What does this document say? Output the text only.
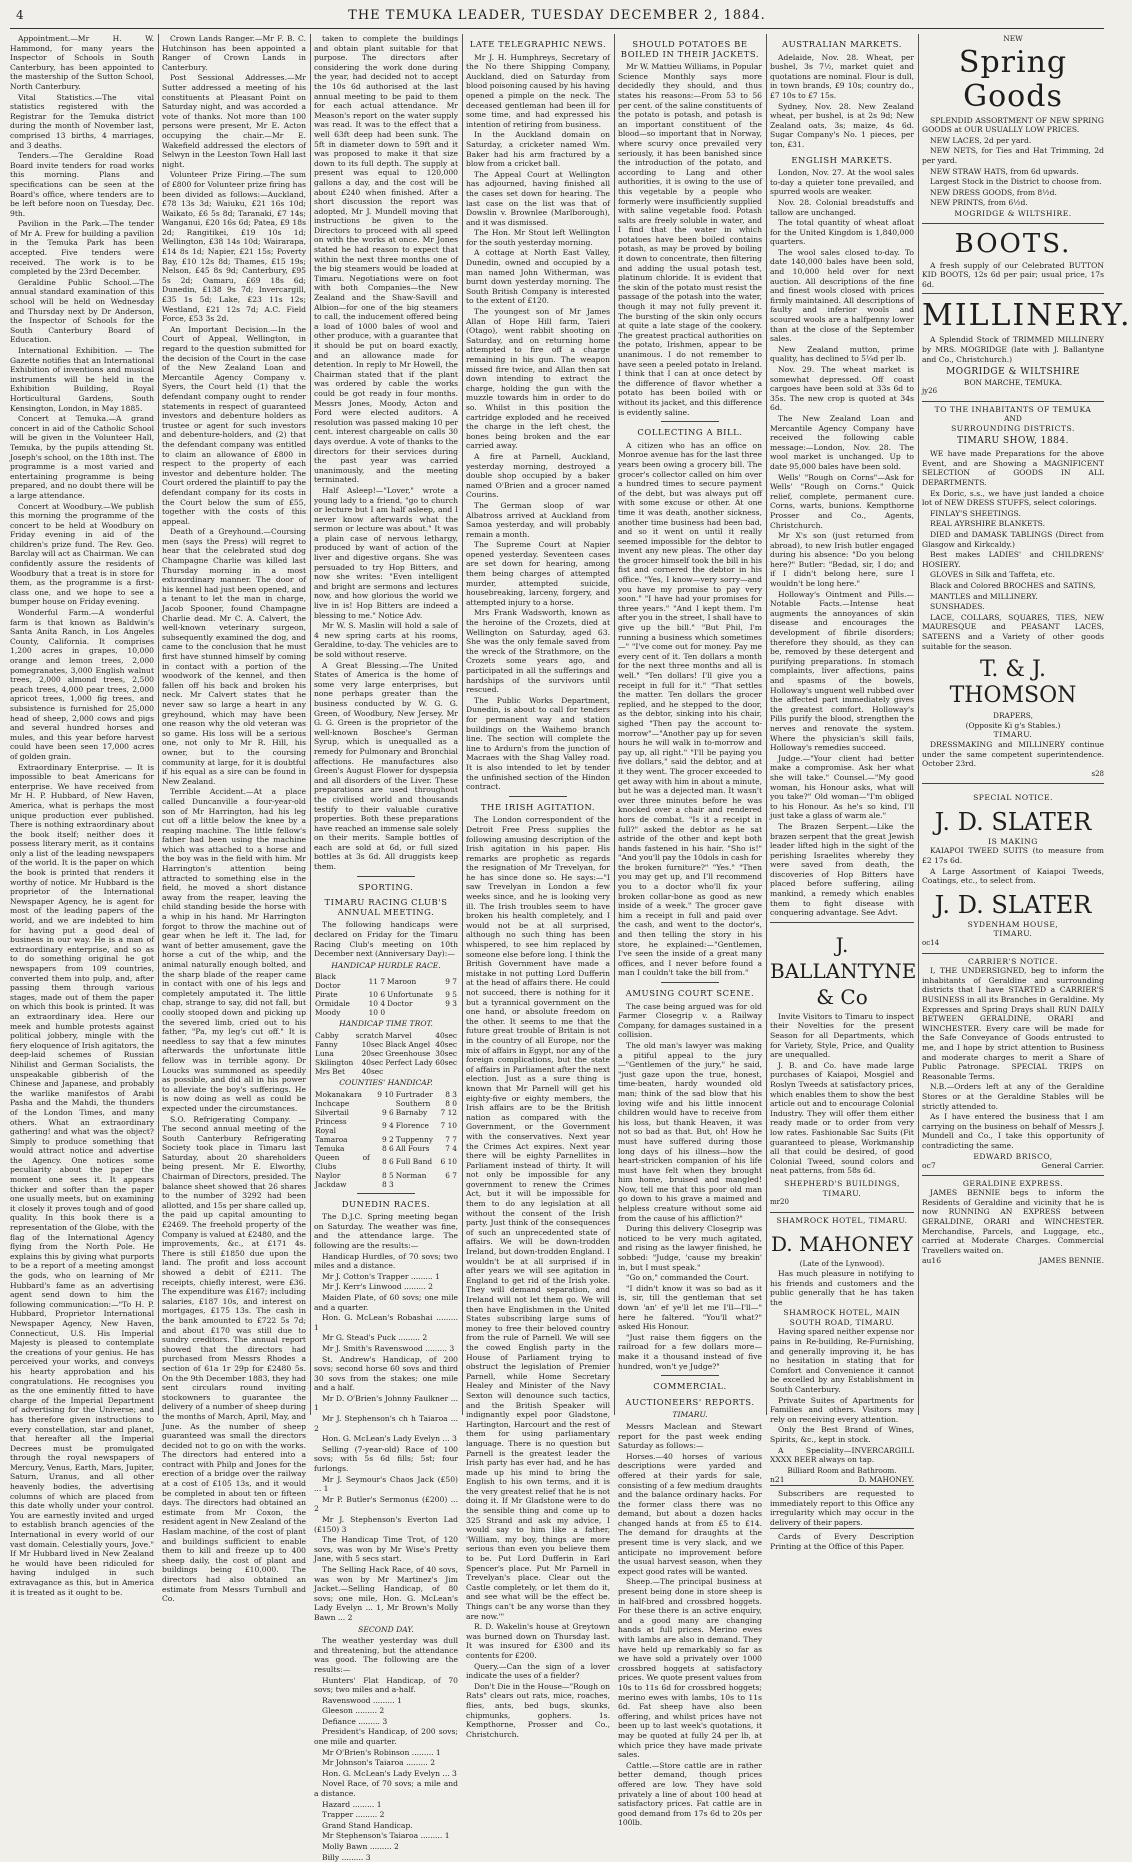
4	THE TEMUKA LEADER, TUESDAY DECEMBER 2, 1884.

Appointment.—Mr H. W. Hammond, for many years the Inspector of Schools in South Canterbury, has been appointed to the mastership of the Sutton School, North Canterbury.

Vital Statistics.—The vital statistics registered with the Registrar for the Temuka district during the month of November last, comprised 13 births, 4 marriages, and 3 deaths.

Tenders.—The Geraldine Road Board invite tenders for road works this morning. Plans and specifications can be seen at the Board's office, where tenders are to be left before noon on Tuesday, Dec. 9th.

Pavilion in the Park.—The tender of Mr A. Frew for building a pavilion in the Temuka Park has been accepted. Five tenders were received. The work is to be completed by the 23rd December.

Geraldine Public School.—The annual standard examination of this school will be held on Wednesday and Thursday next by Dr Anderson, the Inspector of Schools for the South Canterbury Board of Education.

International Exhibition. — The Gazette notifies that an International Exhibition of inventions and musical instruments will be held in the Exhibition Building, Royal Horticultural Gardens, South Kensington, London, in May 1885.

Concert at Temuka.—A grand concert in aid of the Catholic School will be given in the Volunteer Hall, Temuka, by the pupils attending St. Joseph's school, on the 18th inst. The programme is a most varied and entertaining programme is being prepared, and no doubt there will be a large attendance.

Concert at Woodbury.—We publish this morning the programme of the concert to be held at Woodbury on Friday evening in aid of the children's prize fund. The Rev. Geo. Barclay will act as Chairman. We can confidently assure the residents of Woodbury that a treat is in store for them, as the programme is a first-class one, and we hope to see a bumper house on Friday evening.

Wonderful Farm.—A wonderful farm is that known as Baldwin's Santa Anita Ranch, in Los Angeles County, California. It comprises 1,200 acres in grapes, 10,000 orange and lemon trees, 2,000 pomegranates, 3,000 English walnut trees, 2,000 almond trees, 2,500 peach trees, 4,000 pear trees, 2,000 apricot trees, 1,000 fig trees, and subsistence is furnished for 25,000 head of sheep, 2,000 cows and pigs and several hundred horses and mules, and this year before harvest could have been seen 17,000 acres of golden grain.

Extraordinary Enterprise. — It is impossible to beat Americans for enterprise. We have received from Mr H. P. Hubbard, of New Haven, America, what is perhaps the most unique production ever published. There is nothing extraordinary about the book itself; neither does it possess literary merit, as it contains only a list of the leading newspapers of the world. It is the paper on which the book is printed that renders it worthy of notice. Mr Hubbard is the proprietor of the International Newspaper Agency, he is agent for most of the leading papers of the world, and we are indebted to him for having put a good deal of business in our way. He is a man of extraordinary enterprise, and so as to do something original he got newspapers from 109 countries, converted them into pulp, and, after passing them through various stages, made out of them the paper on which this book is printed. It was an extraordinary idea. Here our meek and humble protests against political jobbery, mingle with the fiery eloquence of Irish agitators, the deep-laid schemes of Russian Nihilist and German Socialists, the unspeakable gibberish of the Chinese and Japanese, and probably the warlike manifestos of Arabi Pasha and the Mahdi, the thunders of the London Times, and many others. What an extraordinary gathering! and what was the object? Simply to produce something that would attract notice and advertise the Agency. One notices some peculiarity about the paper the moment one sees it. It appears thicker and softer than the paper one usually meets, but on examining it closely it proves tough and of good quality. In this book there is a representation of the Globe, with the flag of the International Agency flying from the North Pole. He explains this by giving what purports to be a report of a meeting amongst the gods, who on learning of Mr Hubbard's fame as an advertising agent send down to him the following communication:—"To H. P. Hubbard, Proprietor International Newspaper Agency, New Haven, Connecticut, U.S. His Imperial Majesty is pleased to contemplate the creations of your genius. He has perceived your works, and conveys his hearty approbation and his congratulations. He recognises you as the one eminently fitted to have charge of the Imperial Department of advertising for the Universe; and has therefore given instructions to every constellation, star and planet, that hereafter all the Imperial Decrees must be promulgated through the royal newspapers of Mercury, Venus, Earth, Mars, Jupiter, Saturn, Uranus, and all other heavenly bodies, the advertising columns of which are placed from this date wholly under your control. You are earnestly invited and urged to establish branch agencies of the International in every world of our vast domain. Celestially yours, Jove." If Mr Hubbard lived in New Zealand he would have been ridiculed for having indulged in such extravagance as this, but in America it is treated as it ought to be.

Crown Lands Ranger.—Mr F. B. C. Hutchinson has been appointed a Ranger of Crown Lands in Canterbury.

Post Sessional Addresses.—Mr Sutter addressed a meeting of his constituents at Pleasant Point on Saturday night, and was accorded a vote of thanks. Not more than 100 persons were present, Mr E. Acton occupying the chair.—Mr E. Wakefield addressed the electors of Selwyn in the Leeston Town Hall last night.

Volunteer Prize Firing.—The sum of £800 for Volunteer prize firing has been divided as follows:—Auckland, £78 13s 3d; Waiuku, £21 16s 10d; Waikato, £6 5s 8d; Taranaki, £7 14s; Wanganui, £20 16s 6d; Patea, £9 18s 2d; Rangitikei, £19 10s 1d; Wellington, £38 14s 10d; Wairarapa, £14 8s 1d; Napier, £21 15s; Poverty Bay, £10 12s 8d; Thames, £15 19s; Nelson, £45 8s 9d; Canterbury, £95 5s 2d; Oamaru, £69 18s 6d; Dunedin, £138 9s 7d; Invercargill, £35 1s 5d; Lake, £23 11s 12s; Westland, £21 12s 7d; A.C. Field Force, £53 3s 2d.

An Important Decision.—In the Court of Appeal, Wellington, in regard to the question submitted for the decision of the Court in the case of the New Zealand Loan and Mercantile Agency Company v. Syers, the Court held (1) that the defendant company ought to render statements in respect of guaranteed investors and debenture holders as trustee or agent for such investors and debenture-holders, and (2) that the defendant company was entitled to claim an allowance of £800 in respect to the property of each investor and debenture holder. The Court ordered the plaintiff to pay the defendant company for its costs in the Court below the sum of £55, together with the costs of this appeal.

Death of a Greyhound.—Coursing men (says the Press) will regret to hear that the celebrated stud dog Champagne Charlie was killed last Thursday morning in a most extraordinary manner. The door of his kennel had just been opened, and a tenant to let the man in charge, Jacob Spooner, found Champagne Charlie dead. Mr C. A. Calvert, the well-known veterinary surgeon, subsequently examined the dog, and came to the conclusion that he must first have stunned himself by coming in contact with a portion of the woodwork of the kennel, and then fallen off his back and broken his neck. Mr Calvert states that he never saw so large a heart in any greyhound, which may have been one reason why the old veteran was so game. His loss will be a serious one, not only to Mr R. Hill, his owner, but to the coursing community at large, for it is doubtful if his equal as a sire can be found in New Zealand.

Terrible Accident.—At a place called Duncanville a four-year-old son of Mr Harrington, had his leg cut off a little below the knee by a reaping machine. The little fellow's father had been using the machine which was attached to a horse and the boy was in the field with him. Mr Harrington's attention being attracted to something else in the field, he moved a short distance away from the reaper, leaving the child standing beside the horse with a whip in his hand. Mr Harrington forgot to throw the machine out of gear when he left it. The lad, for want of better amusement, gave the horse a cut of the whip, and the animal naturally enough bolted, and the sharp blade of the reaper came in contact with one of his legs and completely amputated it. The little chap, strange to say, did not fall, but coolly stooped down and picking up the severed limb, cried out to his father, "Pa, my leg's cut off." It is needless to say that a few minutes afterwards the unfortunate little fellow was in terrible agony. Dr Loucks was summoned as speedily as possible, and did all in his power to alleviate the boy's sufferings. He is now doing as well as could be expected under the circumstances.

S.O. Refrigerating Company. — The second annual meeting of the South Canterbury Refrigerating Society took place in Timaru last Saturday, about 20 shareholders being present. Mr E. Elworthy, Chairman of Directors, presided. The balance sheet showed that 26 shares to the number of 3292 had been allotted, and 15s per share called up, the paid up capital amounting to £2469. The freehold property of the Company is valued at £2480, and the improvements, &c., at £171 4s. There is still £1850 due upon the land. The profit and loss account showed a debit of £211. The receipts, chiefly interest, were £36. The expenditure was £167; including salaries, £187 10s, and interest on mortgages, £175 13s. The cash in the bank amounted to £722 5s 7d; and about £170 was still due to sundry creditors. The annual report showed that the directors had purchased from Messrs Rhodes a section of 61a 1r 29p for £2480 5s. On the 9th December 1883, they had sent circulars round inviting stockowners to guarantee the delivery of a number of sheep during the months of March, April, May, and June. As the number of sheep guaranteed was small the directors decided not to go on with the works. The directors had entered into a contract with Philp and Jones for the erection of a bridge over the railway at a cost of £105 13s, and it would be completed in about ten or fifteen days. The directors had obtained an estimate from Mr Coxon, the resident agent in New Zealand of the Haslam machine, of the cost of plant and buildings sufficient to enable them to kill and freeze up to 400 sheep daily, the cost of plant and buildings being £10,000. The directors had also obtained an estimate from Messrs Turnbull and Co.

taken to complete the buildings and obtain plant suitable for that purpose. The directors after considering the work done during the year, had decided not to accept the 10s 6d authorised at the last annual meeting to be paid to them for each actual attendance. Mr Meason's report on the water supply was read. It was to the effect that a well 63ft deep had been sunk. The 5ft in diameter down to 59ft and it was proposed to make it that size down to its full depth. The supply at present was equal to 120,000 gallons a day, and the cost will be about £240 when finished. After a short discussion the report was adopted, Mr J. Mundell moving that instructions be given to the Directors to proceed with all speed on with the works at once. Mr Jones stated he had reason to expect that within the next three months one of the big steamers would be loaded at Timaru. Negotiations were on foot with both Companies—the New Zealand and the Shaw-Savill and Albion—for one of the big steamers to call, the inducement offered being a load of 1000 bales of wool and other produce, with a guarantee that it should be put on board exactly, and an allowance made for detention. In reply to Mr Howell, the Chairman stated that if the plant was ordered by cable the works could be got ready in four months. Messrs Jones, Moody, Acton and Ford were elected auditors. A resolution was passed making 10 per cent. interest chargeable on calls 30 days overdue. A vote of thanks to the directors for their services during the past year was carried unanimously, and the meeting terminated.

Half Asleep!—"Lover," wrote a young lady to a friend, "go to church or lecture but I am half asleep, and I never know afterwards what the sermon or lecture was about." It was a plain case of nervous lethargy, produced by want of action of the liver and digestive organs. She was persuaded to try Hop Bitters, and now she writes: "Even intelligent and bright are sermons and lectures now, and how glorious the world we live in is! Hop Bitters are indeed a blessing to me." Notice Adv.

Mr W. S. Maslin will hold a sale of 4 new spring carts at his rooms, Geraldine, to-day. The vehicles are to be sold without reserve.

A Great Blessing.—The United States of America is the home of some very large enterprises, but none perhaps greater than the business conducted by W. G. G. Green, of Woodbury, New Jersey. Mr G. G. Green is the proprietor of the well-known Boschee's German Syrup, which is unequalled as a remedy for Pulmonary and Bronchial affections. He manufactures also Green's August Flower for dyspepsia and all disorders of the Liver. These preparations are used throughout the civilised world and thousands testify to their valuable curative properties. Both these preparations have reached an immense sale solely on their merits. Sample bottles of each are sold at 6d, or full sized bottles at 3s 6d. All druggists keep them.

SPORTING.
TIMARU RACING CLUB'S ANNUAL MEETING.

The following handicaps were declared on Friday for the Timaru Racing Club's meeting on 10th December next (Anniversary Day):—

HANDICAP HURDLE RACE.
Black Doctor	11 7	Maroon	9 7
Pirate	10 6	Unfortunate	9 5
Ormidale	10 4	Doctor	9 3
Moody	10 0		
HANDICAP TIME TROT.
Cabby	scratch	Marvel	40sec
Fanny	10sec	Black Angel	40sec
Luna	20sec	Greenhouse	30sec
Skilington	40sec	Perfect Lady	60sec
Mrs Bet	40sec		
COUNTIES' HANDICAP.
Mokanakara	9 10	Furtrader	8 3
Inchcape		Southern	8 0
Silvertail	9 6	Barnaby	7 12
Princess Royal	9 4	Florence	7 10
Tamaroa	9 2	Tuppenny	7 7
Temuka	8 6	All Fours	7 4
Queen of Clubs	8 6	Full Band	6 10
Naylor	8 5	Norman	6 7
Jackdaw	8 3		
DUNEDIN RACES.

The D.J.C. Spring meeting began on Saturday. The weather was fine, and the attendance large. The following are the results:—

Handicap Hurdles, of 70 sovs; two miles and a distance.

Mr J. Cotton's Trapper ......... 1

Mr J. Kerr's Linwood ......... 2

Maiden Plate, of 60 sovs; one mile and a quarter.

Hon. G. McLean's Robashai ......... 1

Mr G. Stead's Puck ......... 2

Mr J. Smith's Ravenswood ......... 3

St. Andrew's Handicap, of 200 sovs; second horse 60 sovs and third 30 sovs from the stakes; one mile and a half.

Mr D. O'Brien's Johnny Faulkner ... 1

Mr J. Stephenson's ch h Taiaroa ... 2

Hon. G. McLean's Lady Evelyn ... 3

Selling (7-year-old) Race of 100 sovs; with 5s 6d fills; 5st; four furlongs.

Mr J. Seymour's Chaos Jack (£50) ... 1

Mr P. Butler's Sermonus (£200) ... 2

Mr J. Stephenson's Everton Lad (£150) 3

The Handicap Time Trot, of 120 sovs, was won by Mr Wise's Pretty Jane, with 5 secs start.

The Selling Hack Race, of 40 sovs, was won by Mr Martinez's Jim Jacket.—Selling Handicap, of 80 sovs; one mile, Hon. G. McLean's Lady Evelyn ... 1, Mr Brown's Molly Bawn ... 2

SECOND DAY.

The weather yesterday was dull and threatening, but the attendance was good. The following are the results:—

Hunters' Flat Handicap, of 70 sovs; two miles and a-half.

Ravenswood ......... 1

Gleeson ......... 2

Defiance ......... 3

President's Handicap, of 200 sovs; one mile and quarter.

Mr O'Brien's Robinson ......... 1

Mr Johnson's Taiaroa ......... 2

Hon. G. McLean's Lady Evelyn ... 3

Novel Race, of 70 sovs; a mile and a distance.

Hazard ......... 1

Trapper ......... 2

Grand Stand Handicap.

Mr Stephenson's Taiaroa ......... 1

Molly Bawn ......... 2

Billy ......... 3

LATE TELEGRAPHIC NEWS.

Mr J. H. Humphreys, Secretary of the No there Shipping Company, Auckland, died on Saturday from blood poisoning caused by his having opened a pimple on the neck. The deceased gentleman had been ill for some time, and had expressed his intention of retiring from business.

In the Auckland domain on Saturday, a cricketer named Wm. Baker had his arm fractured by a blow from a cricket ball.

The Appeal Court at Wellington has adjourned, having finished all the cases set down for hearing. The last case on the list was that of Dowslin v. Brownlee (Marlborough), and it was dismissed.

The Hon. Mr Stout left Wellington for the south yesterday morning.

A cottage at North East Valley, Dunedin, owned and occupied by a man named John Witherman, was burnt down yesterday morning. The South British Company is interested to the extent of £120.

The youngest son of Mr James Allan of Hope Hill farm, Taieri (Otago), went rabbit shooting on Saturday, and on returning home attempted to fire off a charge remaining in his gun. The weapon missed fire twice, and Allan then sat down intending to extract the charge, holding the gun with the muzzle towards him in order to do so. Whilst in this position the cartridge exploded and he received the charge in the left chest, the bones being broken and the ear carried away.

A fire at Parnell, Auckland, yesterday morning, destroyed a double shop occupied by a baker named O'Brien and a grocer named Courins.

The German sloop of war Albatross arrived at Auckland from Samoa yesterday, and will probably remain a month.

The Supreme Court at Napier opened yesterday. Seventeen cases are set down for hearing, among them being charges of attempted murder, attempted suicide, housebreaking, larceny, forgery, and attempted injury to a horse.

Mrs Frank Wadsworth, known as the heroine of the Crozets, died at Wellington on Saturday, aged 63. She was the only female saved from the wreck of the Strathmore, on the Crozets some years ago, and participated in all the sufferings and hardships of the survivors until rescued.

The Public Works Department, Dunedin, is about to call for tenders for permanent way and station buildings on the Waihemo branch line. The section will complete the line to Ardurn's from the junction of Macraes with the Shag Valley road. It is also intended to let by tender the unfinished section of the Hindon contract.

THE IRISH AGITATION.

The London correspondent of the Detroit Free Press supplies the following amusing description of the Irish agitation in his paper. His remarks are prophetic as regards the resignation of Mr Trevelyan, for he has since done so. He says:—"I saw Trevelyan in London a few weeks since, and he is looking very ill. The Irish troubles seem to have broken his health completely, and I would not be at all surprised, although no such thing has been whispered, to see him replaced by someone else before long. I think the British Government have made a mistake in not putting Lord Dufferin at the head of affairs there. He could not succeed, there is nothing for it but a tyrannical government on the one hand, or absolute freedom on the other. It seems to me that the future great trouble of Britain is not in the country of all Europe, nor the mix of affairs in Egypt, nor any of the foreign complications, but the state of affairs in Parliament after the next election. Just as a sure thing is known that Mr Parnell will get his eighty-five or eighty members, the Irish affairs are to be the British nation as compared with the Government, or the Government with the conservatives. Next year the Crimes Act expires. Next year there will be eighty Parnellites in Parliament instead of thirty. It will not only be impossible for any government to renew the Crimes Act, but it will be impossible for them to do any legislation at all without the consent of the Irish party. Just think of the consequences of such an unprecedented state of affairs. We will be down-trodden Ireland, but down-trodden England. I wouldn't be at all surprised if in after years we will see agitation in England to get rid of the Irish yoke. They will demand separation, and Ireland will not let them go. We will then have Englishmen in the United States subscribing large sums of money to free their beloved country from the rule of Parnell. We will see the cowed English party in the House of Parliament trying to obstruct the legislation of Premier Parnell, while Home Secretary Healey and Minister of the Navy Sexton will denounce such tactics, and the British Speaker will indignantly expel poor Gladstone, Hartington, Harcourt and the rest of them for using parliamentary language. There is no question but Parnell is the greatest leader the Irish party has ever had, and he has made up his mind to bring the English to his own terms, and it is the very greatest relief that he is not doing it. If Mr Gladstone were to do the sensible thing and come up to 325 Strand and ask my advice, I would say to him like a father, 'William, my boy, things are more serious than even you believe them to be. Put Lord Dufferin in Earl Spencer's place. Put Mr Parnell in Trevelyan's place. Clear out the Castle completely, or let them do it, and see what will be the effect be. Things can't be any worse than they are now.'"

R. D. Wakelin's house at Greytown was burned down on Thursday last. It was insured for £300 and its contents for £200.

Query.—Can the sign of a lover indicate the uses of a fielder?

Don't Die in the House—"Rough on Rats" clears out rats, mice, roaches, flies, ants, bed bugs, skunks, chipmunks, gophers. 1s. Kempthorne, Prosser and Co., Christchurch.

SHOULD POTATOES BE BOILED IN THEIR JACKETS.

Mr W. Mattieu Williams, in Popular Science Monthly says more decidedly they should, and thus states his reasons:—From 53 to 56 per cent. of the saline constituents of the potato is potash, and potash is an important constituent of the blood—so important that in Norway, where scurvy once prevailed very seriously, it has been banished since the introduction of the potato, and according to Lang and other authorities, it is owing to the use of this vegetable by a people who formerly were insufficiently supplied with saline vegetable food. Potash salts are freely soluble in water, and I find that the water in which potatoes have been boiled contains potash, as may be proved by boiling it down to concentrate, then filtering and adding the usual potash test, platinum chloride. It is evident that the skin of the potato must resist the passage of the potash into the water, though it may not fully prevent it. The bursting of the skin only occurs at quite a late stage of the cookery. The greatest practical authorities on the potato, Irishmen, appear to be unanimous. I do not remember to have seen a peeled potato in Ireland. I think that I can at once detect by the difference of flavor whether a potato has been boiled with or without its jacket, and this difference is evidently saline.

COLLECTING A BILL.

A citizen who has an office on Monroe avenue has for the last three years been owing a grocery bill. The grocer's collector called on him over a hundred times to secure payment of the debt, but was always put off with some excuse or other. At one time it was death, another sickness, another time business had been bad, and so it went on until it really seemed impossible for the debtor to invent any new pleas. The other day the grocer himself took the bill in his fist and cornered the debtor in his office. "Yes, I know—very sorry—and you have my promise to pay very soon." "I have had your promises for three years." "And I kept them. I'm after you in the street, I shall have to give up the bill." "But Phil, I'm running a business which sometimes—" "I've come out for money. Pay me every cent of it. Ten dollars a month for the next three months and all is well." "Ten dollars! I'll give you a receipt in full for it." "That settles the matter. Ten dollars the grocer replied, and he stepped to the door, as the debtor, sinking into his chair, sighed "Then pay the account to-morrow"—"Another pay up for seven hours he will walk in to-morrow and pay up, all right." "I'll be paying you five dollars," said the debtor, and at it they went. The grocer exceeded to get away with him in about a minute, but he was a dejected man. It wasn't over three minutes before he was knocked over a chair and rendered hors de combat. "Is it a receipt in full?" asked the debtor as he sat astride of the other and kept both hands fastened in his hair. "Sho is!" "And you'll pay the 10dols in cash for the broken furniture?" "Yes." "Then you may get up, and I'll recommend you to a doctor who'll fix your broken collar-bone as good as new inside of a week." The grocer gave him a receipt in full and paid over the cash, and went to the doctor's, and then telling the story in his store, he explained:—"Gentlemen, I've seen the inside of a great many offices, and I never before found a man I couldn't take the bill from."

AMUSING COURT SCENE.

The case being argued was for old Farmer Closegrip v. a Railway Company, for damages sustained in a collision.

The old man's lawyer was making a pitiful appeal to the jury—"Gentlemen of the jury," he said, "just gaze upon the true, honest, time-beaten, hardy wounded old man; think of the sad blow that his loving wife and his little innocent children would have to receive from his loss, but thank Heaven, it was not so bad as that. But, oh! How he must have suffered during those long days of his illness—how the heart-stricken companion of his life must have felt when they brought him home, bruised and mangled! Now, tell me that this poor old man go down to his grave a maimed and helpless creature without some aid from the cause of his affliction?"

During this delivery Closegrip was noticed to be very much agitated, and rising as the lawyer finished, he sobbed: "Judge, 'cause my breakin' in, but I must speak."

"Go on," commanded the Court.

"I didn't know it was so bad as it is, sir, till the gentleman that set down 'an' ef ye'll let me I'll—I'll—" here he faltered. "You'll what?" asked His Honour.

"Just raise them figgers on the railroad for a few dollars more—make it a thousand instead of five hundred, won't ye Judge?"

COMMERCIAL.
AUCTIONEERS' REPORTS.
TIMARU.

Messrs Maclean and Stewart report for the past week ending Saturday as follows:—

Horses.—40 horses of various descriptions were yarded and offered at their yards for sale, consisting of a few medium draughts and the balance ordinary hacks. For the former class there was no demand, but about a dozen hacks changed hands at from £5 to £14. The demand for draughts at the present time is very slack, and we anticipate no improvement before the usual harvest season, when they expect good rates will be wanted.

Sheep.—The principal business at present being done in store sheep is in half-bred and crossbred hoggets. For these there is an active enquiry, and a good many are changing hands at full prices. Merino ewes with lambs are also in demand. They have held up remarkably so far as we have sold a privately over 1000 crossbred hoggets at satisfactory prices. We quote present values from 10s to 11s 6d for crossbred hoggets; merino ewes with lambs, 10s to 11s 6d. Fat sheep have also been offering, and whilst prices have not been up to last week's quotations, it may be quoted at fully 24 per lb, at which price they have made private sales.

Cattle.—Store cattle are in rather better demand, though prices offered are low. They have sold privately a line of about 100 head at satisfactory prices. Fat cattle are in good demand from 17s 6d to 20s per 100lb.

AUSTRALIAN MARKETS.

Adelaide, Nov. 28. Wheat, per bushel, 3s 7½, market quiet and quotations are nominal. Flour is dull, in town brands, £9 10s; country do., £7 10s to £7 15s.

Sydney, Nov. 28. New Zealand wheat, per bushel, is at 2s 9d; New Zealand oats, 3s; maize, 4s 6d. Sugar Company's No. 1 pieces, per ton, £31.

ENGLISH MARKETS.

London, Nov. 27. At the wool sales to-day a quieter tone prevailed, and spurred wools are weaker.

Nov. 28. Colonial breadstuffs and tallow are unchanged.

The total quantity of wheat afloat for the United Kingdom is 1,840,000 quarters.

The wool sales closed to-day. To date 140,000 bales have been sold, and 10,000 held over for next auction. All descriptions of the fine and finest wools closed with prices firmly maintained. All descriptions of faulty and inferior wools and scoured wools are a halfpenny lower than at the close of the September sales.

New Zealand mutton, prime quality, has declined to 5¼d per lb.

Nov. 29. The wheat market is somewhat depressed. Off coast cargoes have been sold at 33s 6d to 35s. The new crop is quoted at 34s 6d.

The New Zealand Loan and Mercantile Agency Company have received the following cable message:—London, Nov. 28. The wool market is unchanged. Up to date 95,000 bales have been sold.

Wells' "Rough on Corns"—Ask for Wells' "Rough on Corns." Quick relief, complete, permanent cure. Corns, warts, bunions. Kempthorne Prosser and Co., Agents, Christchurch.

Mr X's son (just returned from abroad), to new Irish butler engaged during his absence: "Do you belong here?" Butler: "Bedad, sir, I do; and if I didn't belong here, sure I wouldn't be long here."

Holloway's Ointment and Pills.—Notable Facts.—Intense heat augments the annoyances of skin disease and encourages the development of fibrile disorders; therefore they should, as they can be, removed by these detergent and purifying preparations. In stomach complaints, liver affections, pains and spasms of the bowels, Holloway's unguent well rubbed over the affected part immediately gives the greatest comfort. Holloway's Pills purify the blood, strengthen the nerves and renovate the system. Where the physician's skill fails, Holloway's remedies succeed.

Judge.—"Your client had better make a compromise. Ask her what she will take." Counsel.—"My good woman, his Honour asks, what will you take?" Old woman—"I'm obliged to his Honour. As he's so kind, I'll just take a glass of warm ale."

The Brazen Serpent.—Like the brazen serpent that the great Jewish leader lifted high in the sight of the perishing Israelites whereby they were saved from death, the discoveries of Hop Bitters have placed before suffering, ailing mankind, a remedy which enables them to fight disease with conquering advantage. See Advt.

J. BALLANTYNE & Co

Invite Visitors to Timaru to inspect their Novelties for the present Season for all Departments, which for Variety, Style, Price, and Quality are unequalled.

J. B. and Co. have made large purchases of Kaiapoi, Mosgiel and Roslyn Tweeds at satisfactory prices, which enables them to show the best article out and to encourage Colonial Industry. They will offer them either ready made or to order from very low rates. Fashionable Sac Suits (Fit guaranteed to please, Workmanship all that could be desired, of good Colonial Tweed, sound colors and neat patterns, from 58s 6d.

SHEPHERD'S BUILDINGS, TIMARU.
mr20
SHAMROCK HOTEL, TIMARU.
D. MAHONEY
(Late of the Lynwood).

Has much pleasure in notifying to his friends and customers and the public generally that he has taken the

SHAMROCK HOTEL, MAIN SOUTH ROAD, TIMARU.

Having spared neither expense nor pains in Re-building, Re-Furnishing, and generally improving it, he has no hesitation in stating that for Comfort and Convenience it cannot be excelled by any Establishment in South Canterbury.

Private Suites of Apartments for Families and others. Visitors may rely on receiving every attention.

Only the Best Brand of Wines, Spirits, &c., kept in stock.

A Speciality—INVERCARGILL XXXX BEER always on tap.

Billiard Room and Bathroom.
n21	D. MAHONEY.

Subscribers are requested to immediately report to this Office any irregularity which may occur in the delivery of their papers.

Cards of Every Description Printing at the Office of this Paper.

NEW
Spring Goods

SPLENDID ASSORTMENT OF NEW SPRING GOODS at OUR USUALLY LOW PRICES.

NEW LACES, 2d per yard.

NEW NETS, for Ties and Hat Trimming, 2d per yard.

NEW STRAW HATS, from 6d upwards.

Largest Stock in the District to choose from.

NEW DRESS GOODS, from 8½d.

NEW PRINTS, from 6½d.

MOGRIDGE & WILTSHIRE.
BOOTS.

A fresh supply of our Celebrated BUTTON KID BOOTS, 12s 6d per pair; usual price, 17s 6d.

MILLINERY.

A Splendid Stock of TRIMMED MILLINERY by MRS. MOGRIDGE (late with J. Ballantyne and Co., Christchurch.)

MOGRIDGE & WILTSHIRE
BON MARCHE, TEMUKA.
jy26
TO THE INHABITANTS OF TEMUKA
AND
SURROUNDING DISTRICTS.
TIMARU SHOW, 1884.

WE have made Preparations for the above Event, and are Showing a MAGNIFICENT SELECTION of GOODS IN ALL DEPARTMENTS.

Ex Doric, s.s., we have just landed a choice lot of NEW DRESS STUFFS, select colorings.

FINLAY'S SHEETINGS.

REAL AYRSHIRE BLANKETS.

DIED and DAMASK TABLINGS (Direct from Glasgow and Kirkcaldy.)

Best makes LADIES' and CHILDRENS' HOSIERY.

GLOVES in Silk and Taffeta, etc.

Black and Colored BROCHES and SATINS,

MANTLES and MILLINERY.

SUNSHADES.

LACE, COLLARS, SQUARES, TIES, NEW MAURESQUE and PEASANT LACES, SATEENS and a Variety of other goods suitable for the season.

T. & J. THOMSON
DRAPERS,
(Opposite Ki g's Stables.)
TIMARU.

DRESSMAKING and MILLINERY continue under the same competent superintendence. October 23rd.

s28
SPECIAL NOTICE.
J. D. SLATER
IS MAKING

KAIAPOI TWEED SUITS (to measure from £2 17s 6d.

A Large Assortment of Kaiapoi Tweeds, Coatings, etc., to select from.

J. D. SLATER
SYDENHAM HOUSE,
TIMARU.
oc14
CARRIER'S NOTICE.

I, THE UNDERSIGNED, beg to inform the inhabitants of Geraldine and surrounding districts that I have STARTED a CARRIER'S BUSINESS in all its Branches in Geraldine. My Expresses and Spring Drays shall RUN DAILY BETWEEN GERALDINE, ORARI and WINCHESTER. Every care will be made for the Safe Conveyance of Goods entrusted to me, and I hope by strict attention to Business and moderate charges to merit a Share of Public Patronage. SPECIAL TRIPS on Reasonable Terms.

N.B.—Orders left at any of the Geraldine Stores or at the Geraldine Stables will be strictly attended to.

As I have entered the business that I am carrying on the business on behalf of Messrs J. Mundell and Co., I take this opportunity of contradicting the same.

EDWARD BRISCO,
oc7	General Carrier.
GERALDINE EXPRESS.

JAMES BENNIE begs to inform the Residents of Geraldine and vicinity that he is now RUNNING AN EXPRESS between GERALDINE, ORARI and WINCHESTER. Merchandise, Parcels, and Luggage, etc., carried at Moderate Charges. Commercial Travellers waited on.

au16	JAMES BENNIE.
